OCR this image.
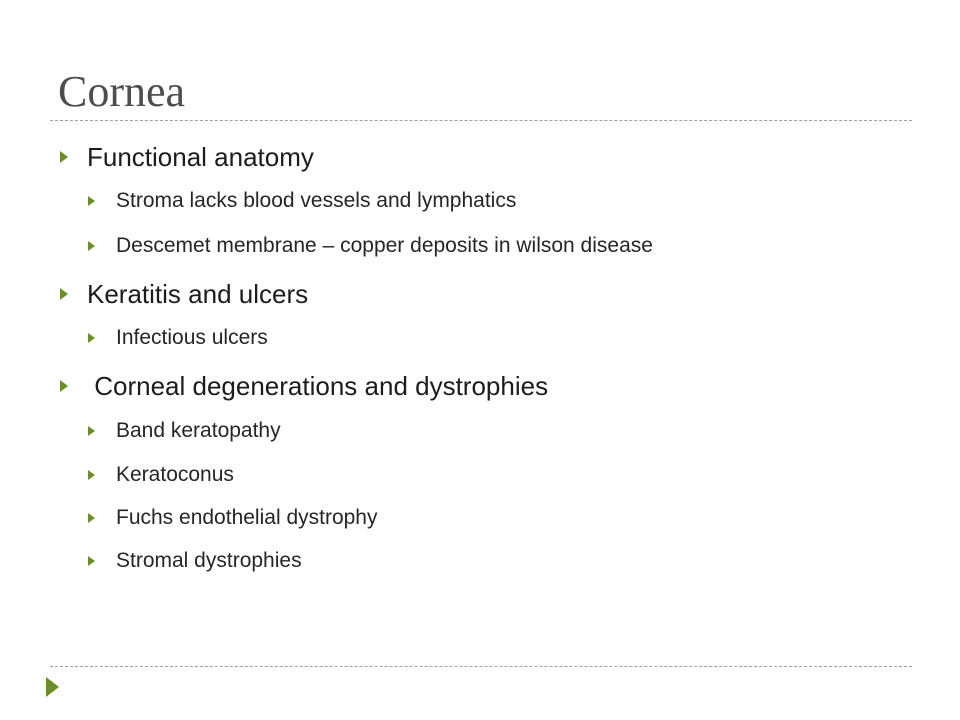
Cornea
Functional anatomy
Stroma lacks blood vessels and lymphatics
Descemet membrane – copper deposits in wilson disease
Keratitis and ulcers
Infectious ulcers
Corneal degenerations and dystrophies
Band keratopathy
Keratoconus
Fuchs endothelial dystrophy
Stromal dystrophies
